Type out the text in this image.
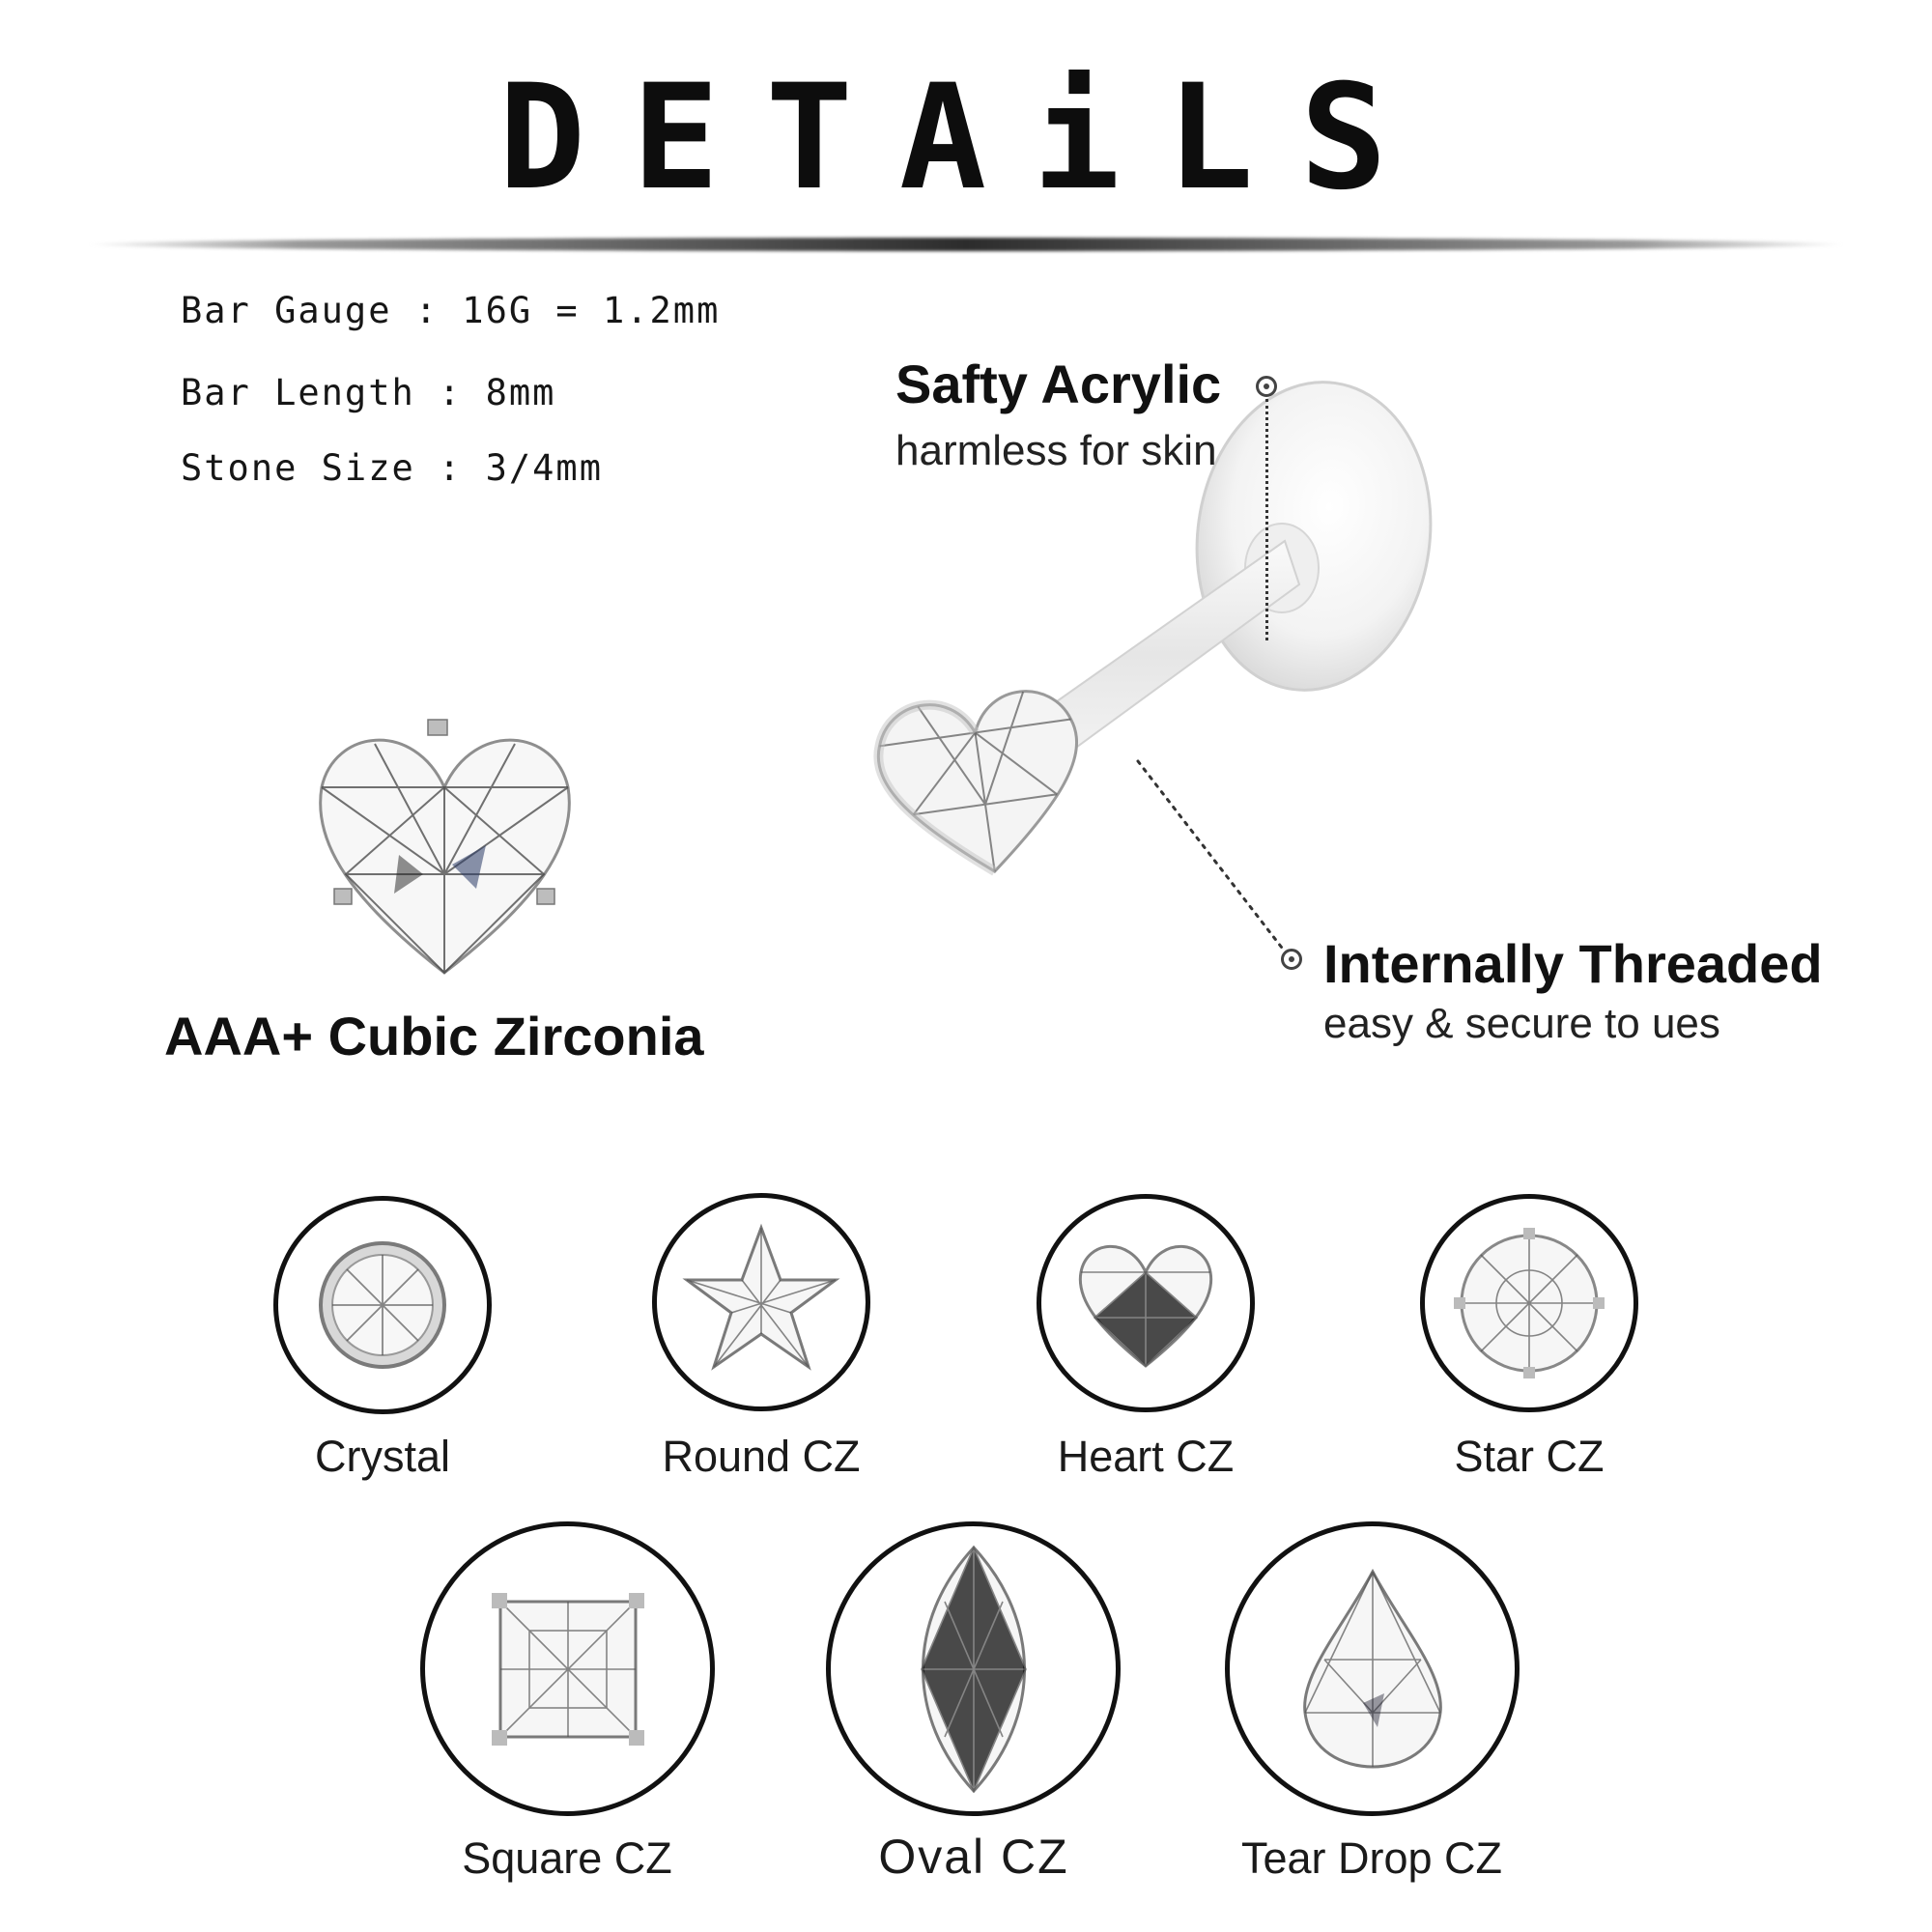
DETAiLS
Bar Gauge : 16G = 1.2mm
Bar Length : 8mm
Stone Size : 3/4mm
Safty Acrylic
harmless for skin
Internally Threaded
easy & secure to ues
AAA+ Cubic Zirconia
Crystal	Round CZ	Heart CZ	Star CZ
Square CZ	Oval CZ	Tear Drop CZ
